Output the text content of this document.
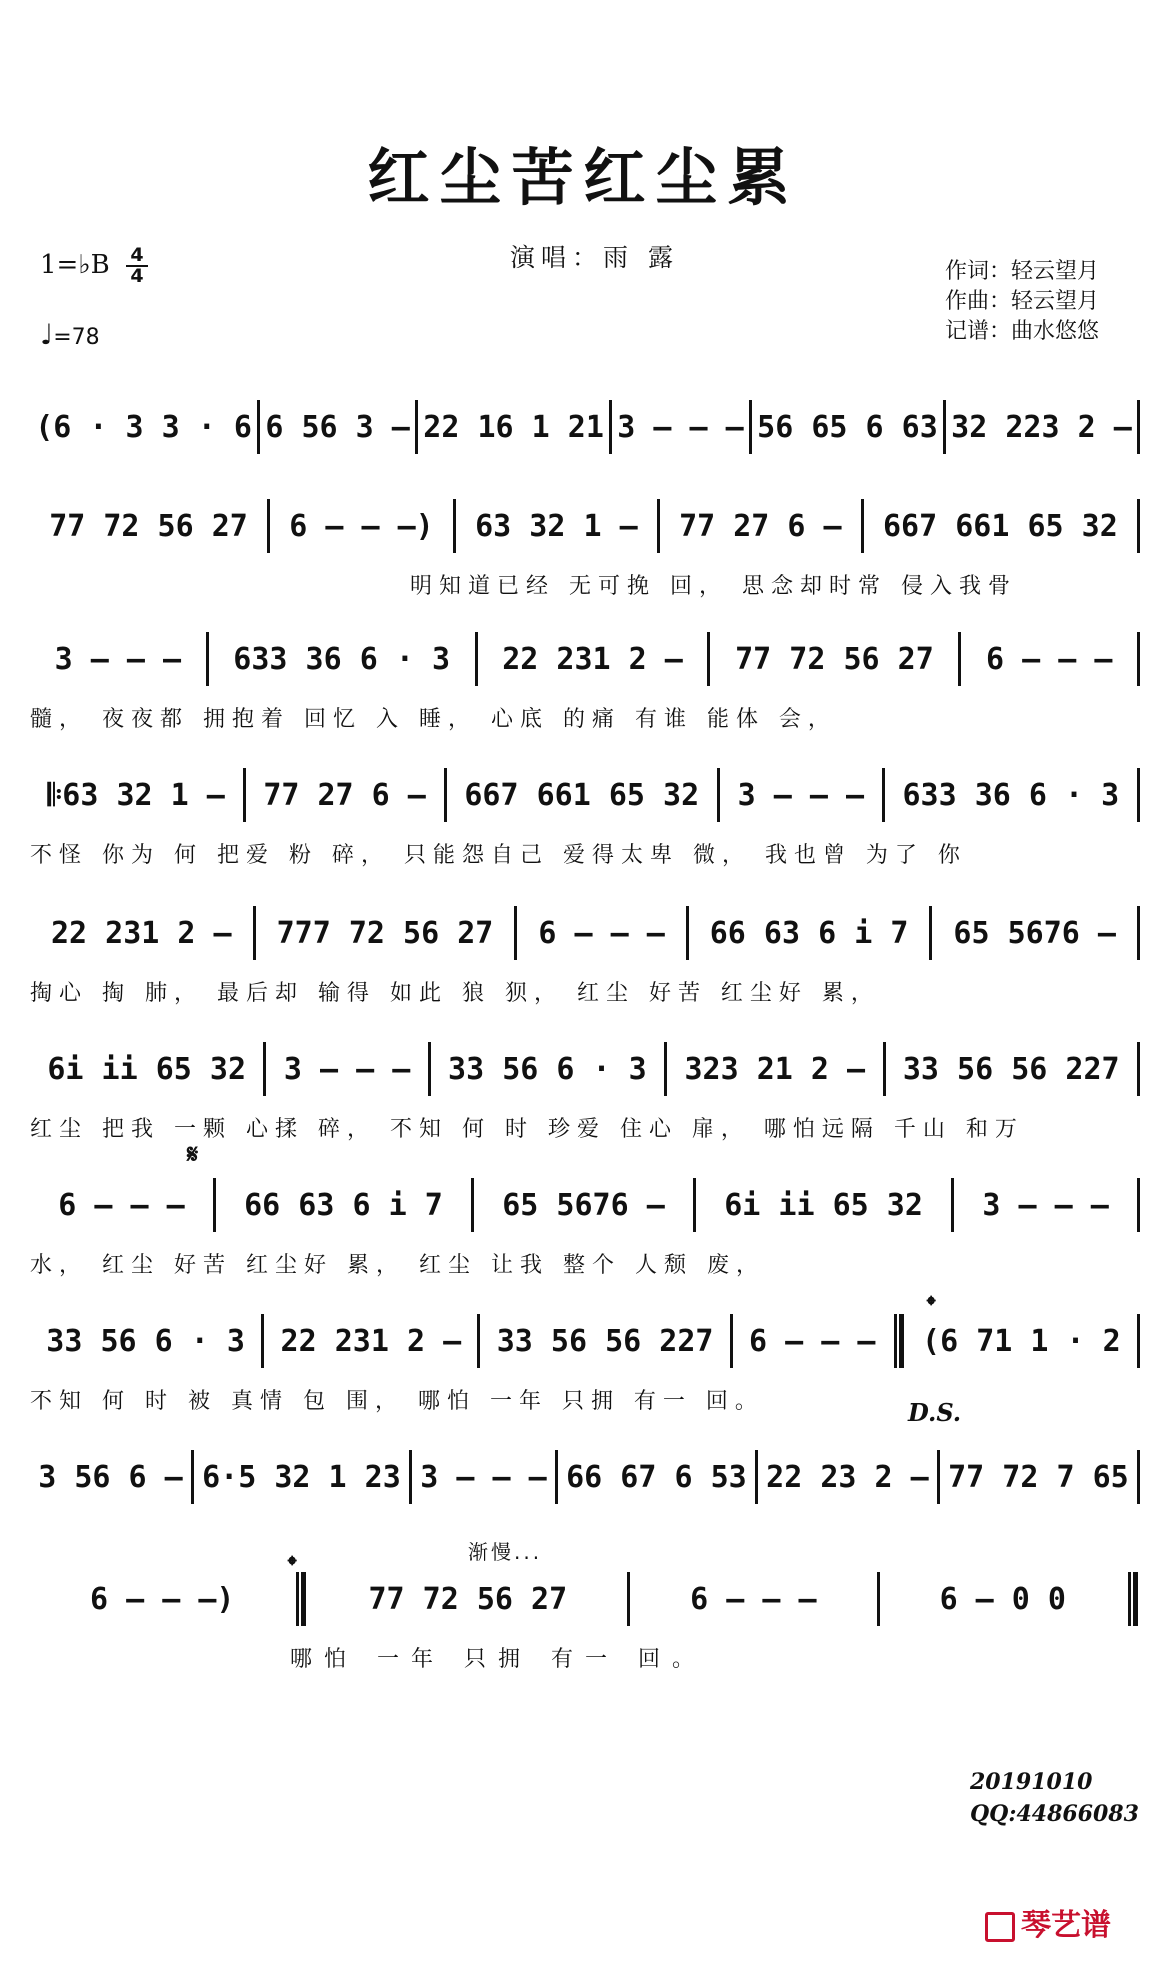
红尘苦红尘累
演唱：雨 露	作词：轻云望月
作曲：轻云望月
记谱：曲水悠悠
1=♭B 4
4
♩=78
(6 · 3 3 · 6 6 56 3 – 22 16 1 21 3 – – – 56 65 6 63 32 223 2 –
77 72 56 27	6 – – –)	63 32 1 –	77 27 6 –	667 661 65 32
明知道已经 无可挽 回， 思念却时常 侵入我骨
3 – – –	633 36 6 · 3	22 231 2 –	77 72 56 27	6 – – –
髓， 夜夜都 拥抱着 回忆 入 睡， 心底 的痛 有谁 能体 会，
𝄆63 32 1 –	77 27 6 –	667 661 65 32	3 – – –	633 36 6 · 3
不怪 你为 何 把爱 粉 碎， 只能怨自己 爱得太卑 微， 我也曾 为了 你
22 231 2 –	777 72 56 27	6 – – –	66 63 6 i 7	65 5676 –
掏心 掏 肺， 最后却 输得 如此 狼 狈， 红尘 好苦 红尘好 累，
6i ii 65 32	3 – – –	33 56 6 · 3	323 21 2 –	33 56 56 227
红尘 把我 一颗 心揉 碎， 不知 何 时 珍爱 住心 扉， 哪怕远隔 千山 和万
𝄋
6 – – –	66 63 6 i 7	65 5676 –	6i ii 65 32	3 – – –
水， 红尘 好苦 红尘好 累， 红尘 让我 整个 人颓 废，
𝄌
33 56 6 · 3	22 231 2 –	33 56 56 227	6 – – –	(6 71 1 · 2
不知 何 时 被 真情 包 围， 哪怕 一年 只拥 有一 回。	D.S.
3 56 6 – 6·5 32 1 23 3 – – – 66 67 6 53 22 23 2 – 77 72 7 65
渐慢...
𝄌
6 – – –)	77 72 56 27	6 – – –	6 – 0 0
哪怕 一年 只拥 有一 回。
20191010
QQ:44866083
琴艺谱
